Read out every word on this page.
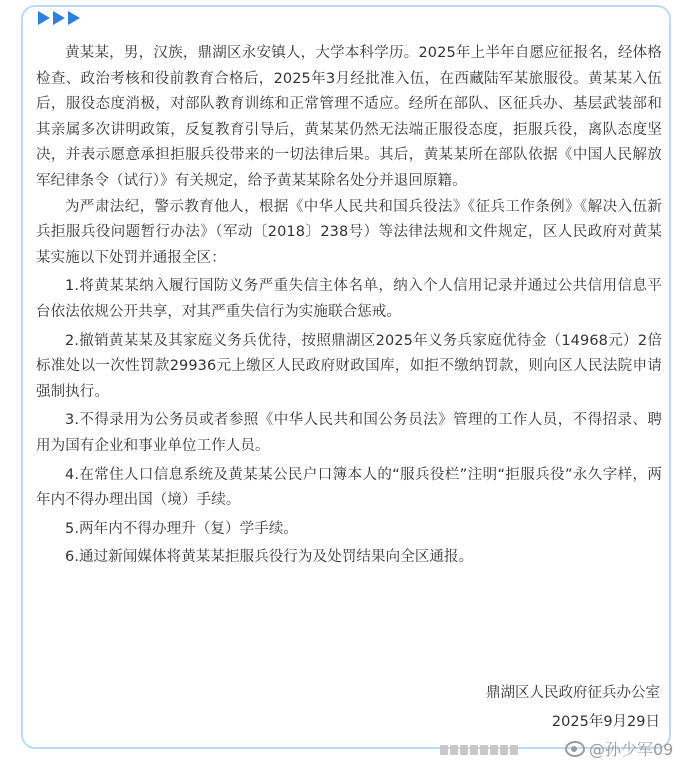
黄某某，男，汉族，鼎湖区永安镇人，大学本科学历。2025年上半年自愿应征报名，经体格检查、政治考核和役前教育合格后，2025年3月经批准入伍，在西藏陆军某旅服役。黄某某入伍后，服役态度消极，对部队教育训练和正常管理不适应。经所在部队、区征兵办、基层武装部和其亲属多次讲明政策，反复教育引导后，黄某某仍然无法端正服役态度，拒服兵役，离队态度坚决，并表示愿意承担拒服兵役带来的一切法律后果。其后，黄某某所在部队依据《中国人民解放军纪律条令（试行）》有关规定，给予黄某某除名处分并退回原籍。

为严肃法纪，警示教育他人，根据《中华人民共和国兵役法》《征兵工作条例》《解决入伍新兵拒服兵役问题暂行办法》（军动〔2018〕238号）等法律法规和文件规定，区人民政府对黄某某实施以下处罚并通报全区：

1.将黄某某纳入履行国防义务严重失信主体名单，纳入个人信用记录并通过公共信用信息平台依法依规公开共享，对其严重失信行为实施联合惩戒。

2.撤销黄某某及其家庭义务兵优待，按照鼎湖区2025年义务兵家庭优待金（14968元）2倍标准处以一次性罚款29936元上缴区人民政府财政国库，如拒不缴纳罚款，则向区人民法院申请强制执行。

3.不得录用为公务员或者参照《中华人民共和国公务员法》管理的工作人员，不得招录、聘用为国有企业和事业单位工作人员。

4.在常住人口信息系统及黄某某公民户口簿本人的“服兵役栏”注明“拒服兵役”永久字样，两年内不得办理出国（境）手续。

5.两年内不得办理升（复）学手续。

6.通过新闻媒体将黄某某拒服兵役行为及处罚结果向全区通报。

鼎湖区人民政府征兵办公室
2025年9月29日
@孙少军09
